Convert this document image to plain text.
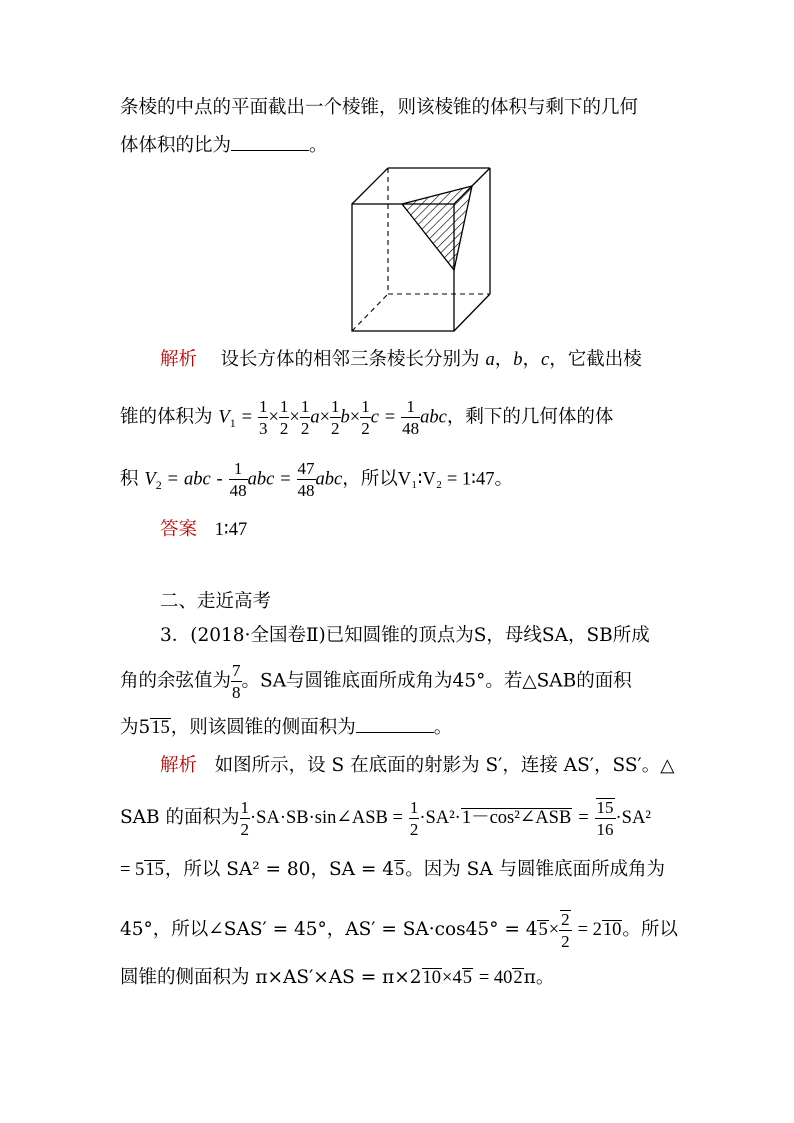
条棱的中点的平面截出一个棱锥，则该棱锥的体积与剩下的几何
体体积的比为	。
解析 设长方体的相邻三条棱长分别为 a，b，c，它截出棱
锥的体积为 $V_1 = \frac{1}{3} \times \frac{1}{2} \times \frac{1}{2} a\times \frac{1}{2} b\times \frac{1}{2}$ $c = \frac{1}{48}$ abc，剩下的几何体的体
积 $V_2$ = abc - $\frac{1}{48}$ abc = $\frac{47}{48}$ abc，所以V₁∶V₂ = 1∶47。
答案 1∶47
二、走近高考
3．(2018·全国卷Ⅱ)已知圆锥的顶点为S，母线SA，SB所成
角的余弦值为 $\frac{7}{8}$ 。SA与圆锥底面所成角为45°。若△SAB的面积
为515，则该圆锥的侧面积为	。
解析 如图所示，设 S 在底面的射影为 S′，连接 AS′，SS′。△
SAB 的面积为 $\frac{1}{2}$ ·SA·SB·sin∠ASB = $\frac{1}{2}$ ·SA²·1－cos²∠ASB = $\frac{15}{16} \cdot SA^2$
= 515，所以 SA² = 80，SA = 45。因为 SA 与圆锥底面所成角为
45°，所以∠SAS′ = 45°，$AS' = SA\cdot\cos 45^\circ = 45\times \frac{2}{2} = 210$。所以
圆锥的侧面积为 π×AS′×AS = π×210×45 = 402π。
